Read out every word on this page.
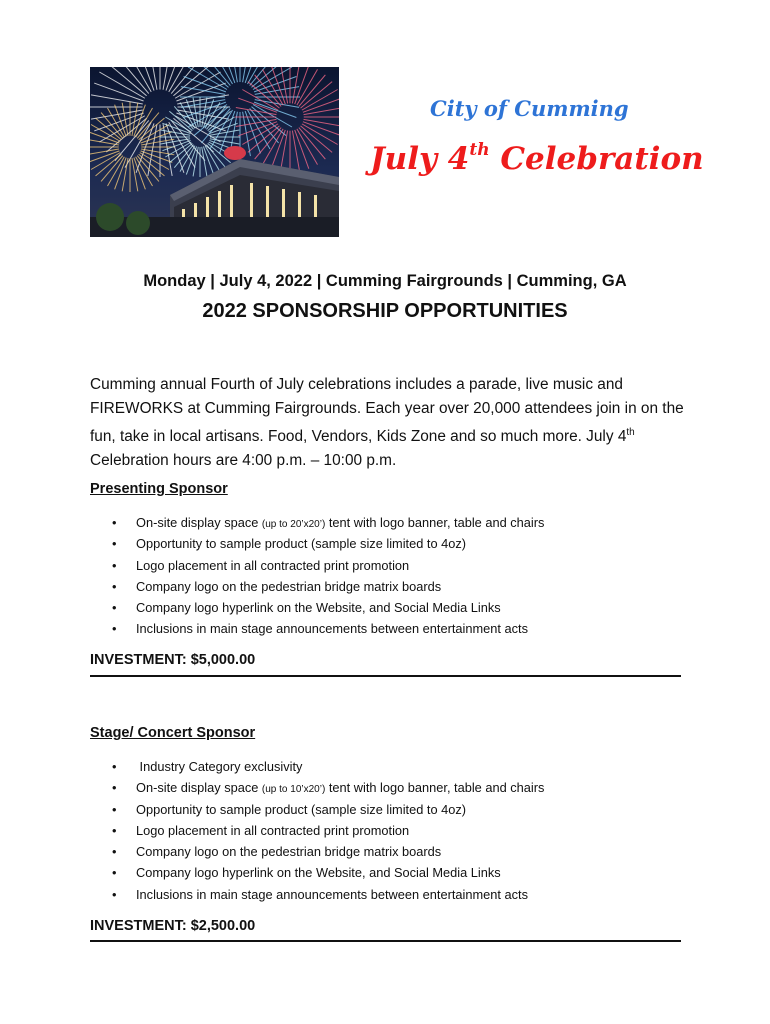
City of Cumming
July 4th Celebration
Monday | July 4, 2022 | Cumming Fairgrounds | Cumming, GA
2022 SPONSORSHIP OPPORTUNITIES
Cumming annual Fourth of July celebrations includes a parade, live music and FIREWORKS at Cumming Fairgrounds. Each year over 20,000 attendees join in on the fun, take in local artisans. Food, Vendors, Kids Zone and so much more. July 4th Celebration hours are 4:00 p.m. – 10:00 p.m.
Presenting Sponsor
• On-site display space (up to 20’x20’) tent with logo banner, table and chairs
• Opportunity to sample product (sample size limited to 4oz)
• Logo placement in all contracted print promotion
• Company logo on the pedestrian bridge matrix boards
• Company logo hyperlink on the Website, and Social Media Links
• Inclusions in main stage announcements between entertainment acts
INVESTMENT: $5,000.00
Stage/ Concert Sponsor
• Industry Category exclusivity
• On-site display space (up to 10’x20’) tent with logo banner, table and chairs
• Opportunity to sample product (sample size limited to 4oz)
• Logo placement in all contracted print promotion
• Company logo on the pedestrian bridge matrix boards
• Company logo hyperlink on the Website, and Social Media Links
• Inclusions in main stage announcements between entertainment acts
INVESTMENT: $2,500.00
